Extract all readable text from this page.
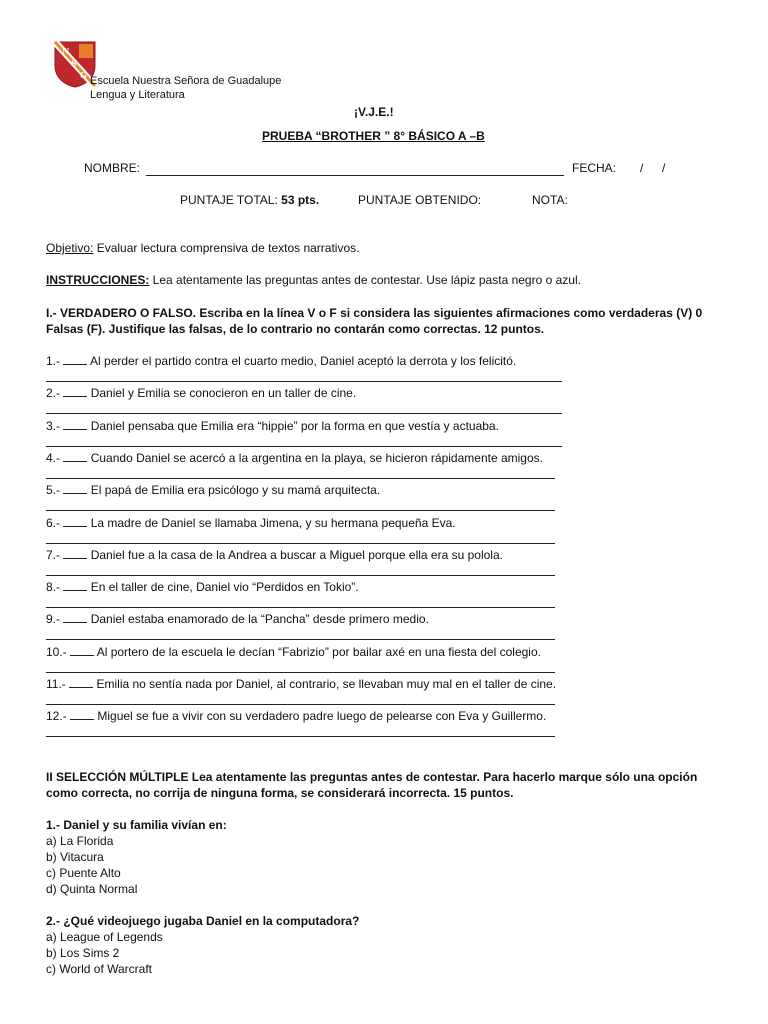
N
S
G Escuela Nuestra Señora de Guadalupe
Lengua y Literatura
¡V.J.E.!
PRUEBA “BROTHER ” 8° BÁSICO A –B
NOMBRE:	FECHA: / /
PUNTAJE TOTAL: 53 pts.	PUNTAJE OBTENIDO:	NOTA:
Objetivo: Evaluar lectura comprensiva de textos narrativos.
INSTRUCCIONES: Lea atentamente las preguntas antes de contestar. Use lápiz pasta negro o azul.
I.- VERDADERO O FALSO. Escriba en la línea V o F si considera las siguientes afirmaciones como verdaderas (V) 0 Falsas (F). Justifique las falsas, de lo contrario no contarán como correctas. 12 puntos.
1.-	Al perder el partido contra el cuarto medio, Daniel aceptó la derrota y los felicitó.
2.-	Daniel y Emilia se conocieron en un taller de cine.
3.-	Daniel pensaba que Emilia era “hippie” por la forma en que vestía y actuaba.
4.-	Cuando Daniel se acercó a la argentina en la playa, se hicieron rápidamente amigos.
5.-	El papá de Emilia era psicólogo y su mamá arquitecta.
6.-	La madre de Daniel se llamaba Jimena, y su hermana pequeña Eva.
7.-	Daniel fue a la casa de la Andrea a buscar a Miguel porque ella era su polola.
8.-	En el taller de cine, Daniel vio “Perdidos en Tokio”.
9.-	Daniel estaba enamorado de la “Pancha” desde primero medio.
10.-	Al portero de la escuela le decían “Fabrizio” por bailar axé en una fiesta del colegio.
11.-	Emilia no sentía nada por Daniel, al contrario, se llevaban muy mal en el taller de cine.
12.-	Miguel se fue a vivir con su verdadero padre luego de pelearse con Eva y Guillermo.
II SELECCIÓN MÚLTIPLE Lea atentamente las preguntas antes de contestar. Para hacerlo marque sólo una opción como correcta, no corrija de ninguna forma, se considerará incorrecta. 15 puntos.
1.- Daniel y su familia vivían en:
a) La Florida
b) Vitacura
c) Puente Alto
d) Quinta Normal
2.- ¿Qué videojuego jugaba Daniel en la computadora?
a) League of Legends
b) Los Sims 2
c) World of Warcraft
